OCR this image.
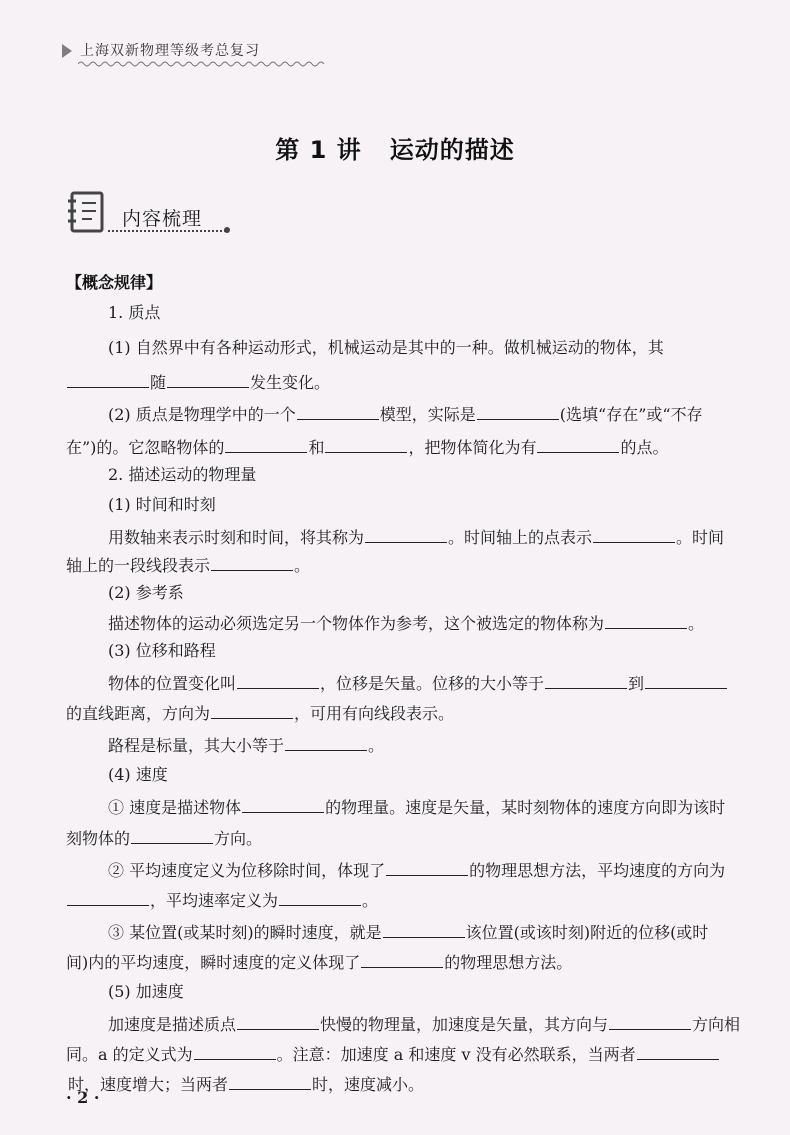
上海双新物理等级考总复习
第 1 讲 运动的描述
内容梳理
【概念规律】
1. 质点
(1) 自然界中有各种运动形式，机械运动是其中的一种。做机械运动的物体，其
随	发生变化。
(2) 质点是物理学中的一个	模型，实际是	(选填“存在”或“不存
在”)的。它忽略物体的	和	，把物体简化为有	的点。
2. 描述运动的物理量
(1) 时间和时刻
用数轴来表示时刻和时间，将其称为	。时间轴上的点表示	。时间
轴上的一段线段表示	。
(2) 参考系
描述物体的运动必须选定另一个物体作为参考，这个被选定的物体称为	。
(3) 位移和路程
物体的位置变化叫	，位移是矢量。位移的大小等于	到
的直线距离，方向为	，可用有向线段表示。
路程是标量，其大小等于	。
(4) 速度
① 速度是描述物体	的物理量。速度是矢量，某时刻物体的速度方向即为该时
刻物体的	方向。
② 平均速度定义为位移除时间，体现了	的物理思想方法，平均速度的方向为
，平均速率定义为	。
③ 某位置(或某时刻)的瞬时速度，就是	该位置(或该时刻)附近的位移(或时
间)内的平均速度，瞬时速度的定义体现了	的物理思想方法。
(5) 加速度
加速度是描述质点	快慢的物理量，加速度是矢量，其方向与	方向相
同。a 的定义式为	。注意：加速度 a 和速度 v 没有必然联系，当两者
时，速度增大；当两者	时，速度减小。
· 2 ·
